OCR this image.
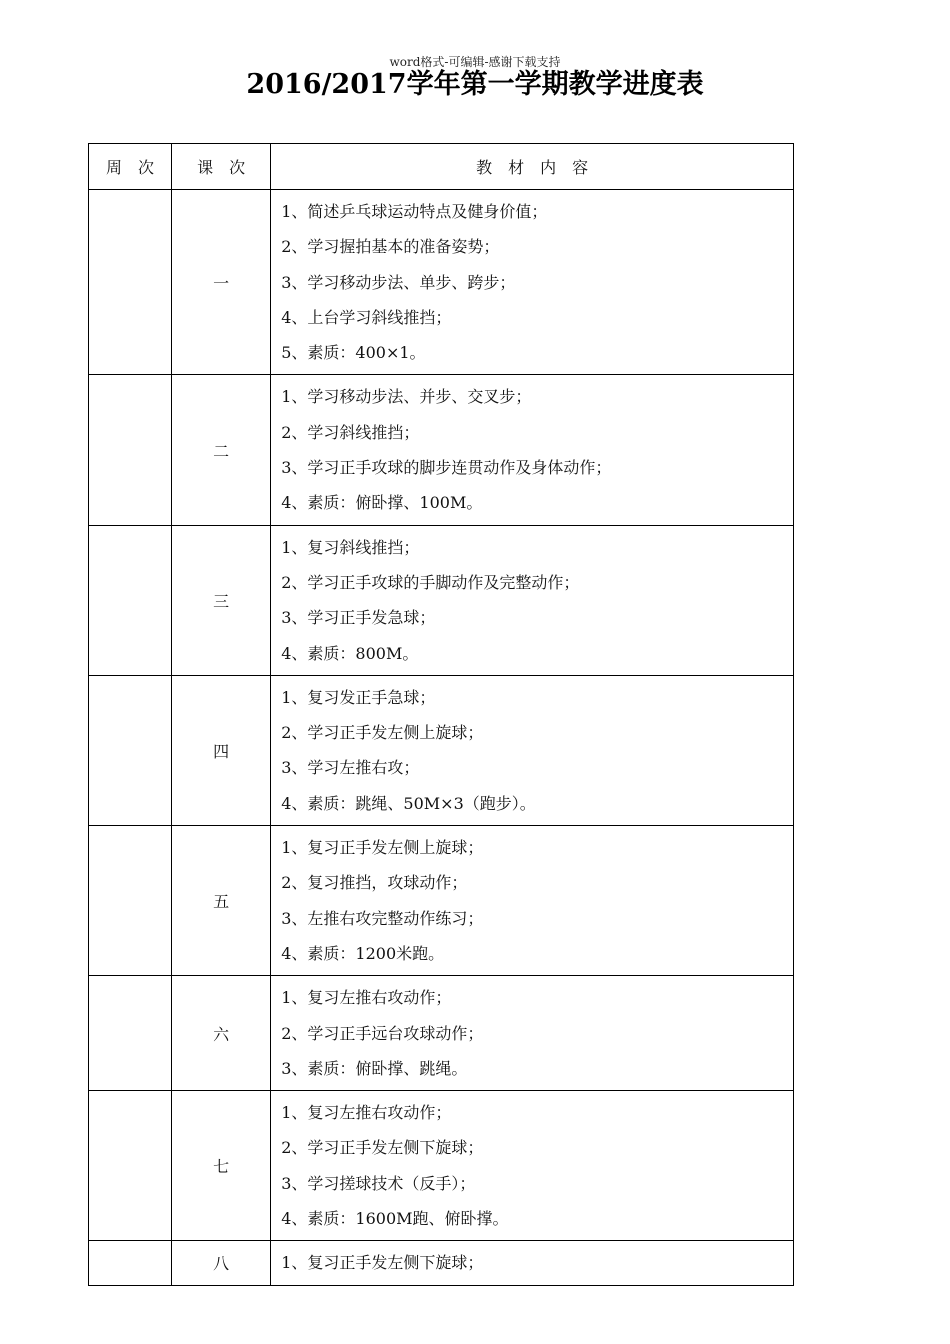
word格式-可编辑-感谢下载支持
2016/2017学年第一学期教学进度表
周　次	课　次	教　材　内　容
	一	1、简述乒乓球运动特点及健身价值；
2、学习握拍基本的准备姿势；
3、学习移动步法、单步、跨步；
4、上台学习斜线推挡；
5、素质：400×1。

	二	1、学习移动步法、并步、交叉步；
2、学习斜线推挡；
3、学习正手攻球的脚步连贯动作及身体动作；
4、素质：俯卧撑、100M。

	三	1、复习斜线推挡；
2、学习正手攻球的手脚动作及完整动作；
3、学习正手发急球；
4、素质：800M。

	四	1、复习发正手急球；
2、学习正手发左侧上旋球；
3、学习左推右攻；
4、素质：跳绳、50M×3（跑步）。

	五	1、复习正手发左侧上旋球；
2、复习推挡，攻球动作；
3、左推右攻完整动作练习；
4、素质：1200米跑。

	六	1、复习左推右攻动作；
2、学习正手远台攻球动作；
3、素质：俯卧撑、跳绳。

	七	1、复习左推右攻动作；
2、学习正手发左侧下旋球；
3、学习搓球技术（反手）；
4、素质：1600M跑、俯卧撑。

	八	1、复习正手发左侧下旋球；
